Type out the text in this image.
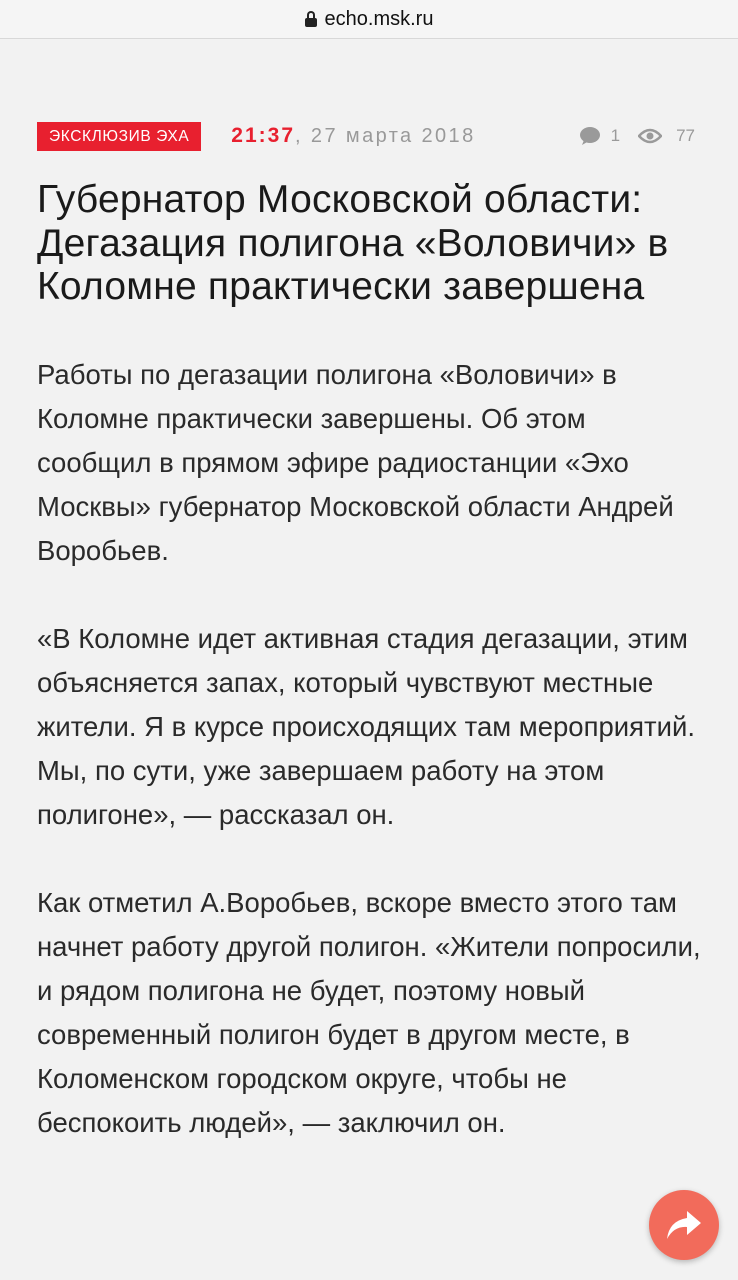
echo.msk.ru
ЭКСКЛЮЗИВ ЭХА	21:37 , 27 марта 2018	1	77
Губернатор Московской области: Дегазация полигона «Воловичи» в Коломне практически завершена

Работы по дегазации полигона «Воловичи» в Коломне практически завершены. Об этом сообщил в прямом эфире радиостанции «Эхо Москвы» губернатор Московской области Андрей Воробьев.

«В Коломне идет активная стадия дегазации, этим объясняется запах, который чувствуют местные жители. Я в курсе происходящих там мероприятий. Мы, по сути, уже завершаем работу на этом полигоне», — рассказал он.

Как отметил А.Воробьев, вскоре вместо этого там начнет работу другой полигон. «Жители попросили, и рядом полигона не будет, поэтому новый современный полигон будет в другом месте, в Коломенском городском округе, чтобы не беспокоить людей», — заключил он.
